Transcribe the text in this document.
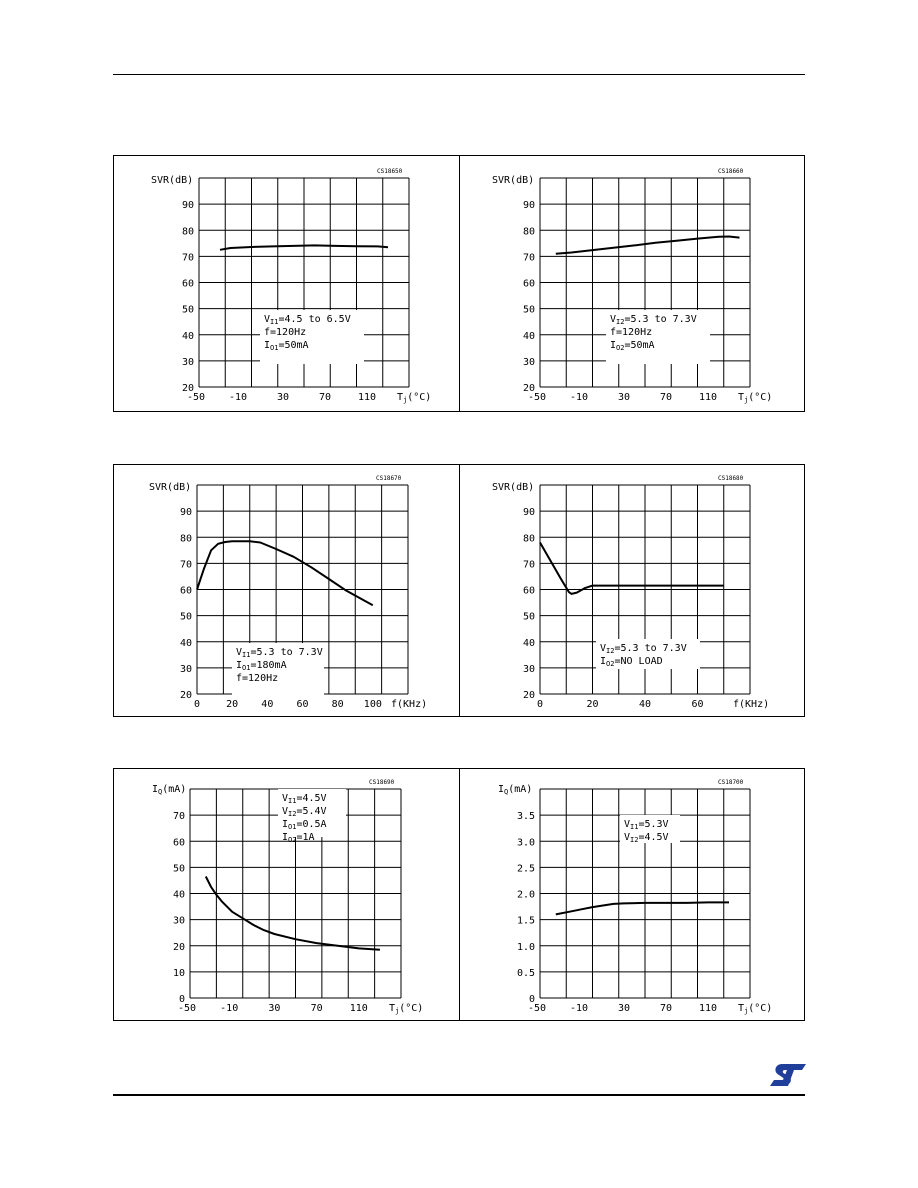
20
30
40
50
60
70
80
90
-50 -10	30	70	110
SVR(dB)
$T_j(^\circ C)$
CS18650
$V_{I1}=4.5$ to 6.5V
f=120Hz
$I_{O1}=50mA$
20
30
40
50
60
70
80
90
-50 -10	30	70	110
SVR(dB)
$T_j(^\circ C)$
CS18660
$V_{I2}=5.3$ to 7.3V
f=120Hz
$I_{O2}=50mA$
20
30
40
50
60
70
80
90
0	20 40 60 80 100
SVR(dB)
f(KHz)
CS18670
$V_{I1}=5.3$ to 7.3V
$I_{O1}=180mA$
f=120Hz
20
30
40
50
60
70
80
90
0	20	40	60
SVR(dB)
f(KHz)
CS18680
$V_{I2}=5.3$ to 7.3V
$I_{O2}=NO$ LOAD
0
10
20
30
40
50
60
70
-50 -10	30	70	110
$I_Q(mA)$
$T_j(^\circ C)$
CS18690
$V_{I1}=4.5V$
$V_{I2}=5.4V$
$I_{O1}=0.5A$
$I_{O2}=1A$
0
0.5
1.0
1.5
2.0
2.5
3.0
3.5
-50 -10	30	70	110
$I_Q(mA)$
$T_j(^\circ C)$
CS18700
$V_{I1}=5.3V$
$V_{I2}=4.5V$
